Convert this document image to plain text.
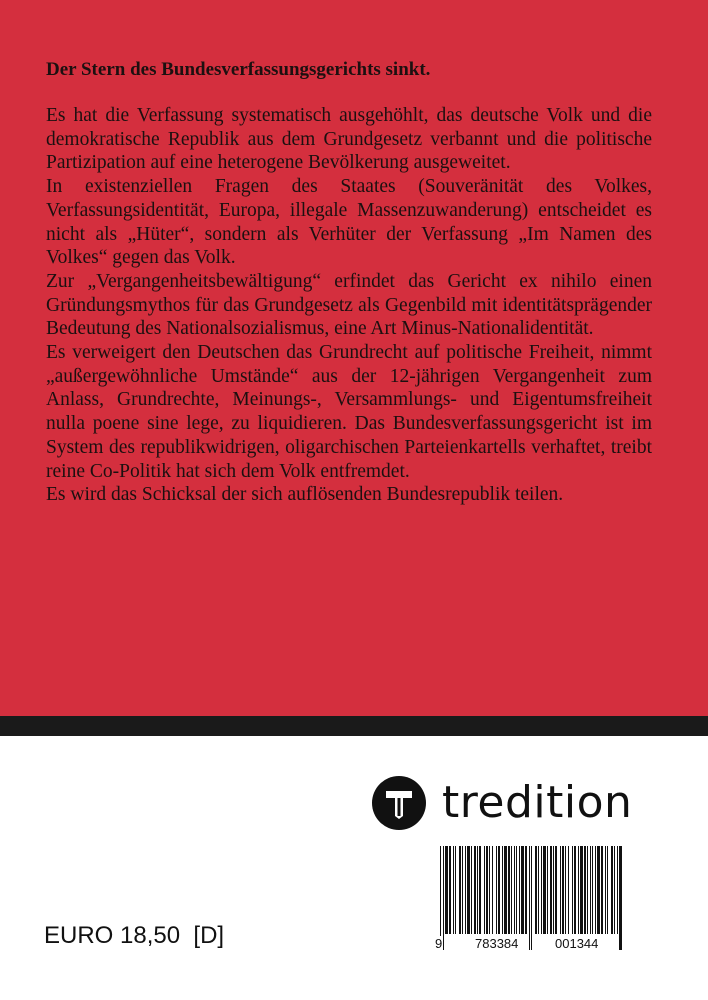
Der Stern des Bundesverfassungsgerichts sinkt.

Es hat die Verfassung systematisch ausgehöhlt, das deutsche Volk und die demokratische Republik aus dem Grundgesetz verbannt und die politische Partizipation auf eine heterogene Bevölkerung ausgeweitet.

In existenziellen Fragen des Staates (Souveränität des Volkes, Verfassungsidentität, Europa, illegale Massenzuwanderung) entscheidet es nicht als „Hüter“, sondern als Verhüter der Verfassung „Im Namen des Volkes“ gegen das Volk.

Zur „Vergangenheitsbewältigung“ erfindet das Gericht ex nihilo einen Gründungsmythos für das Grundgesetz als Gegenbild mit identitätsprägender Bedeutung des Nationalsozialismus, eine Art Minus-Nationalidentität.

Es verweigert den Deutschen das Grundrecht auf politische Freiheit, nimmt „außergewöhnliche Umstände“ aus der 12-jährigen Vergangenheit zum Anlass, Grundrechte, Meinungs-, Versammlungs- und Eigentumsfreiheit nulla poene sine lege, zu liquidieren. Das Bundesverfassungsgericht ist im System des republikwidrigen, oligarchischen Parteienkartells verhaftet, treibt reine Co-Politik hat sich dem Volk entfremdet.

Es wird das Schicksal der sich auflösenden Bundesrepublik teilen.

tredition
9	783384	001344
EURO 18,50  [D]
